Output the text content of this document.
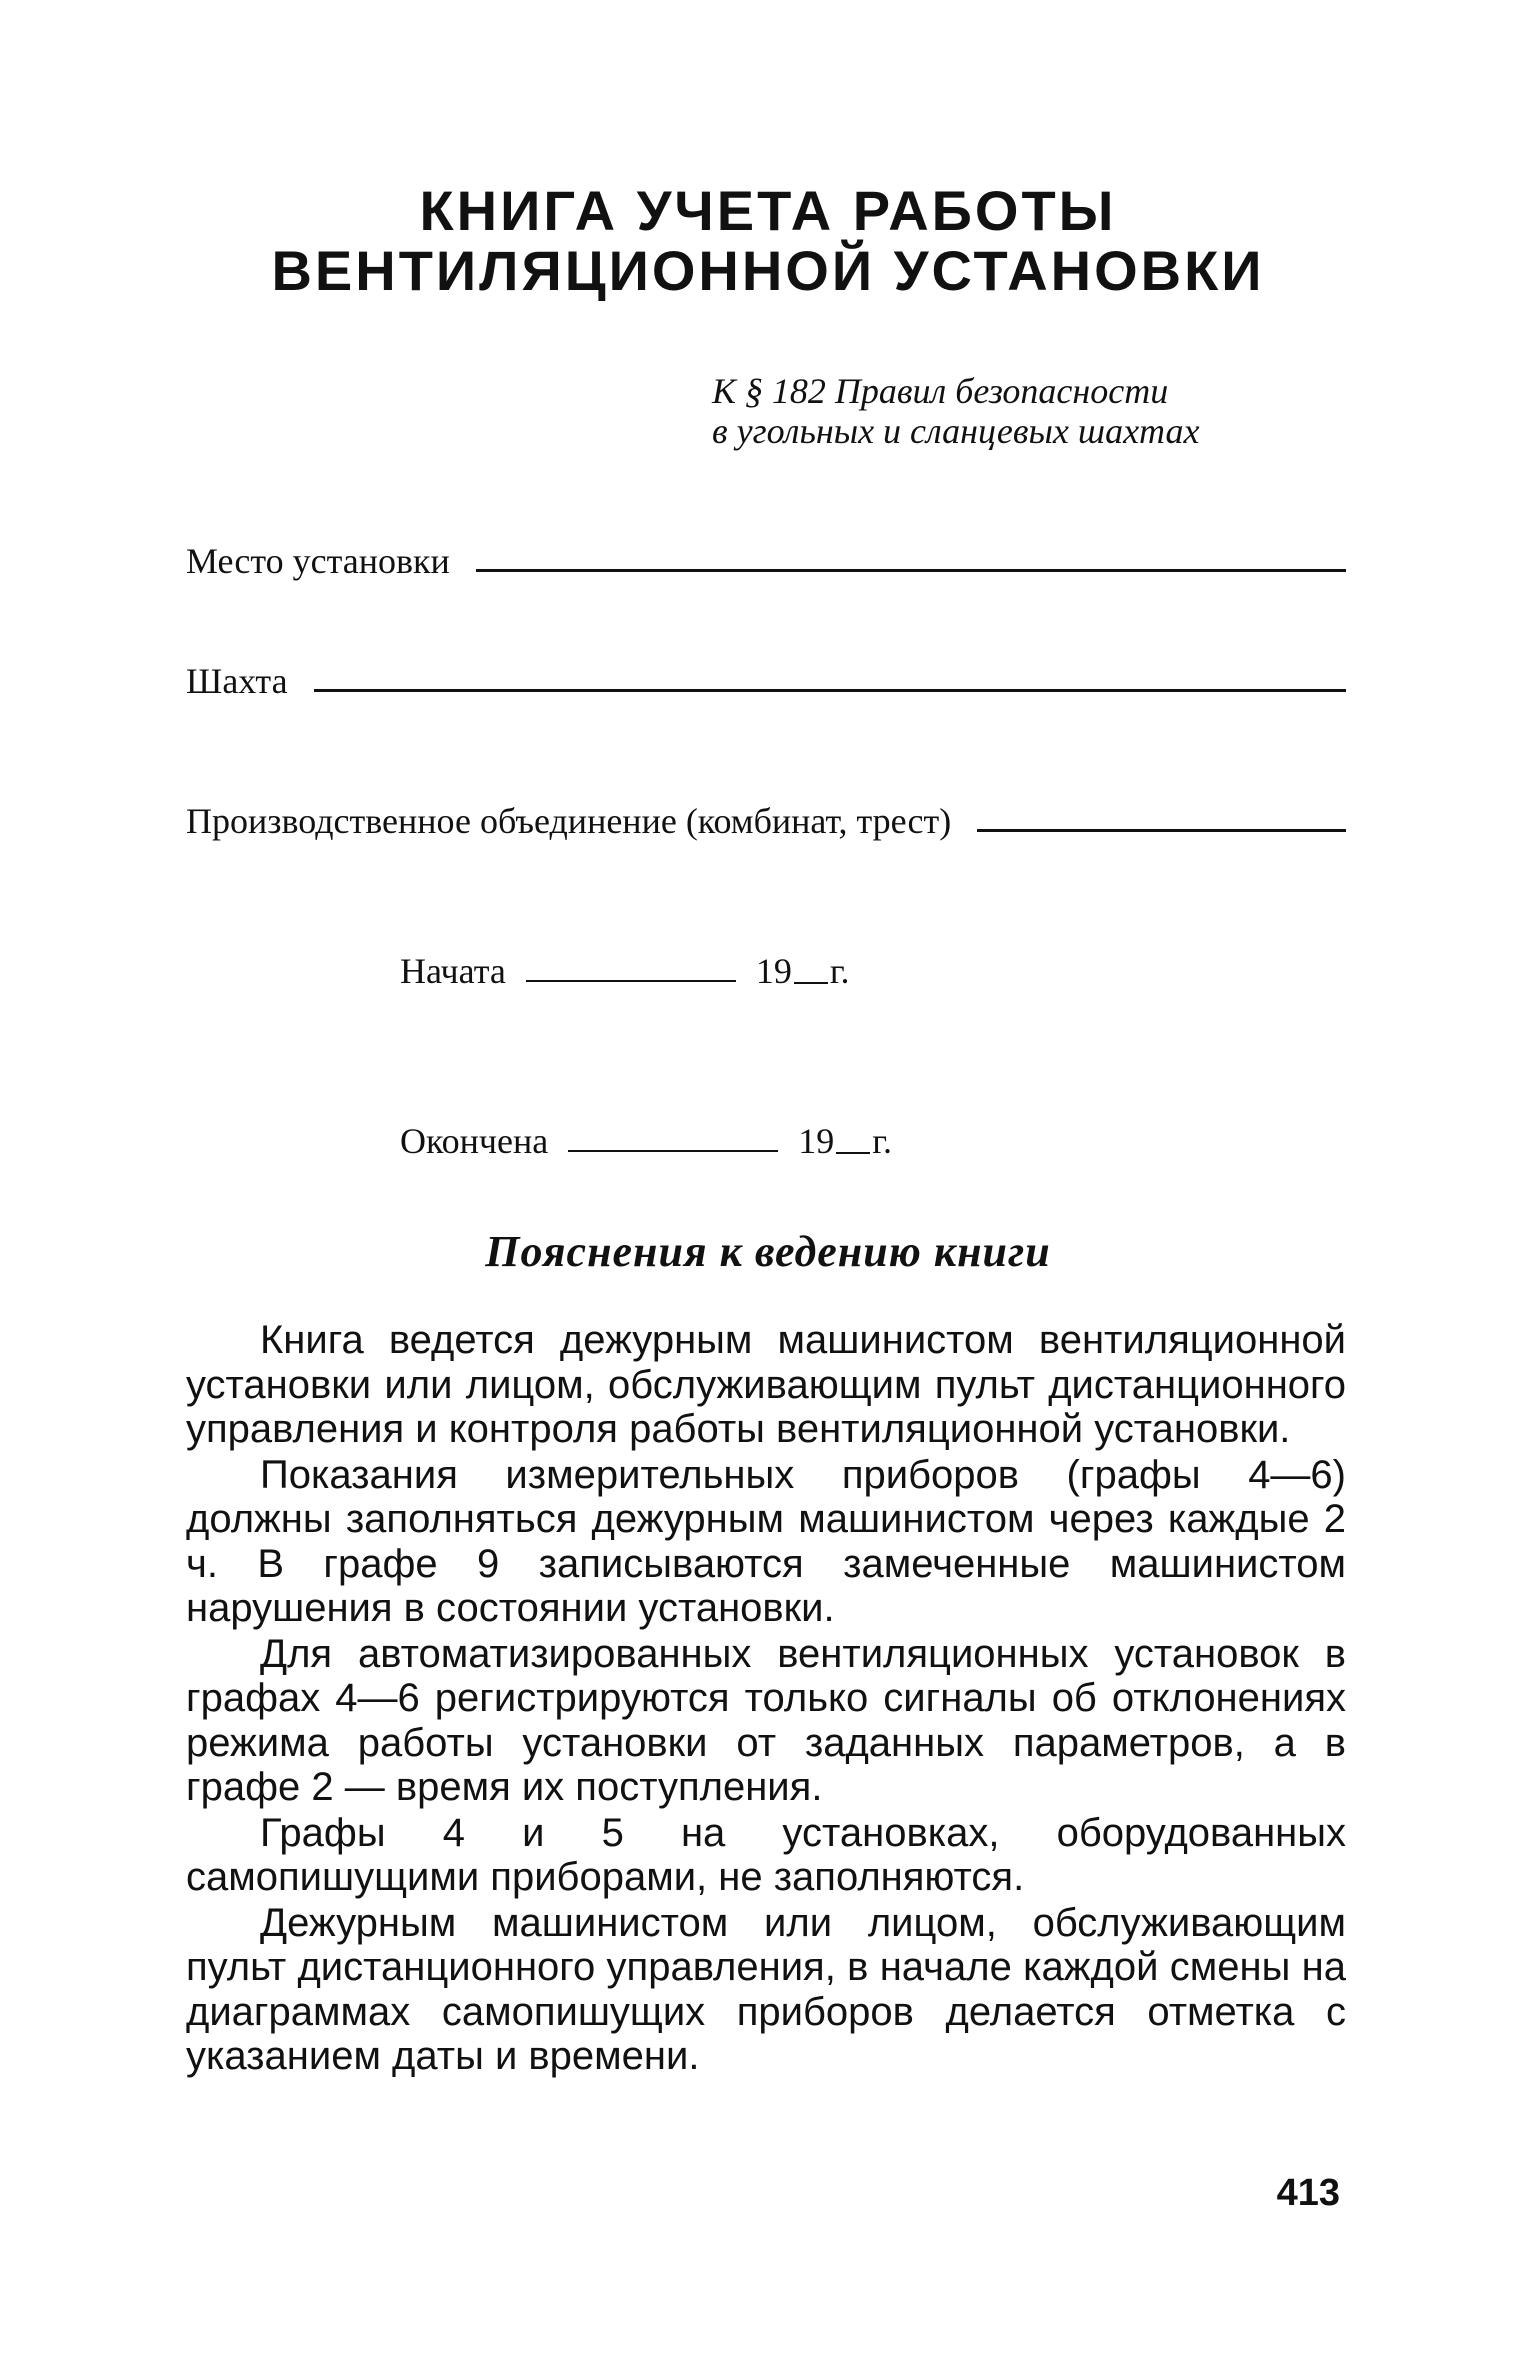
КНИГА УЧЕТА РАБОТЫ
ВЕНТИЛЯЦИОННОЙ УСТАНОВКИ
К § 182 Правил безопасности
в угольных и сланцевых шахтах
Место установки
Шахта
Производственное объединение (комбинат, трест)
Начата	19 г.
Окончена	19 г.
Пояснения к ведению книги

Книга ведется дежурным машинистом вентиляционной установки или лицом, обслуживающим пульт дистанционного управления и контроля работы вентиляционной установки.

Показания измерительных приборов (графы 4—6) должны заполняться дежурным машинистом через каждые 2 ч. В графе 9 записываются замеченные машинистом нарушения в состоянии установки.

Для автоматизированных вентиляционных установок в графах 4—6 регистрируются только сигналы об отклонениях режима работы установки от заданных параметров, а в графе 2 — время их поступления.

Графы 4 и 5 на установках, оборудованных самопишущими приборами, не заполняются.

Дежурным машинистом или лицом, обслуживающим пульт дистанционного управления, в начале каждой смены на диаграммах самопишущих приборов делается отметка с указанием даты и времени.

413
